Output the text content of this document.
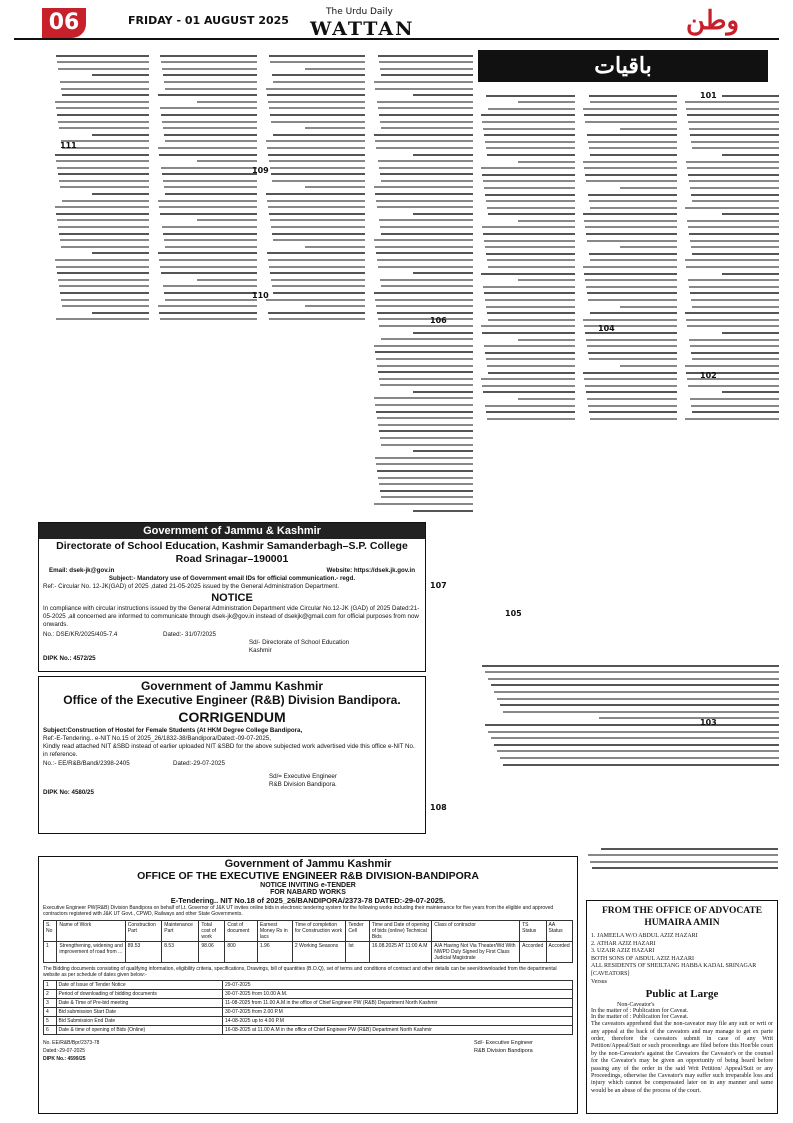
06	FRIDAY - 01 AUGUST 2025
The Urdu Daily
WATTAN	وطن
باقیات
101
102
103
104
105
106
107
108
109
110
111
Government of Jammu & Kashmir
Directorate of School Education, Kashmir Samanderbagh–S.P. College Road Srinagar–190001
Email: dsek-jk@gov.in	Website: https://dsek.jk.gov.in
Subject:- Mandatory use of Government email IDs for official communication.- regd.
Ref:- Circular No. 12-JK(GAD) of 2025 ,dated 21-05-2025 issued by the General Administration Department.
NOTICE
In compliance with circular instructions issued by the General Administration Department vide Circular No.12-JK (GAD) of 2025 Dated:21-05-2025 ,all concerned are informed to communicate through dsek-jk@gov.in instead of dsekjk@gmail.com for official purposes from now onwards.
No.: DSE/KR/2025/405-7.4	Dated:- 31/07/2025
Sd/- Directorate of School Education
Kashmir
DIPK No.: 4572/25
Government of Jammu Kashmir
Office of the Executive Engineer (R&B) Division Bandipora.
CORRIGENDUM
Subject:Construction of Hostel for Female Students (At HKM Degree College Bandipora,
Ref:-E-Tendering.. e-NIT No.15 of 2025_26/1832-38/Bandipora/Dated:-09-07-2025,
Kindly read attached NIT &SBD instead of earlier uploaded NIT &SBD for the above subjected work advertised vide this office e-NIT No. in reference.
No.:- EE/R&B/Bandi/2398-2405	Dated:-29-07-2025
Sd/= Executive Engineer
R&B Division Bandipora.
DIPK No: 4580/25
Government of Jammu Kashmir
OFFICE OF THE EXECUTIVE ENGINEER R&B DIVISION-BANDIPORA
NOTICE INVITING e-TENDER
FOR NABARD WORKS
E-Tendering.. NIT No.18 of 2025_26/BANDIPORA/2373-78 DATED:-29-07-2025.
Executive Engineer PW(R&B) Division Bandipora on behalf of Lt. Governor of J&K UT invites online bids in electronic tendering system for the following works including their maintenance for five years from the eligible and approved contractors registered with J&K UT Govt., CPWD, Railways and other State Governments.
S. No	Name of Work	Construction Part	Maintenance Part	Total cost of work	Cost of document	Earnest Money Rs in lacs	Time of completion for Construction work	Tender Cell	Time and Date of opening of bids (online) Technical Bids	Class of contractor	TS Status	AA Status
1	Strengthening, widening and improvement of road from ...	89.53	8.53	98.06	800	1.96	2 Working Seasons	Ist	16.08.2025 AT 11:00 A.M	A/A Having Not Via Theater/Wd With NWPD Duly Signed by First Class Judicial Magistrate	Accorded	Accorded
The Bidding documents consisting of qualifying information, eligibility criteria, specifications, Drawings, bill of quantities (B.O.Q), set of terms and conditions of contract and other details can be seen/downloaded from the departmental website as per schedule of dates given below:-
1	Date of Issue of Tender Notice	29-07-2025
2	Period of downloading of bidding documents	30-07-2025 from 10.00 A.M.
3	Date & Time of Pre-bid meeting	11-08-2025 from 11.00 A.M in the office of Chief Engineer PW (R&B) Department North Kashmir
4	Bid submission Start Date	30-07-2025 from 2.00 P.M
5	Bid Submission End Date	14-08-2025 up to 4.00 P.M
6	Date & time of opening of Bids (Online)	16-08-2025 at 11.00 A.M in the office of Chief Engineer PW (R&B) Department North Kashmir
No. EE/R&B/Bpr/2373-78
Dated:-29-07-2025
DIPK No.: 4599/25
Sd/- Executive Engineer
R&B Division Bandipora
FROM THE OFFICE OF ADVOCATE HUMAIRA AMIN
1. JAMEELA W/O ABDUL AZIZ HAZARI
2. ATHAR AZIZ HAZARI
3. UZAIR AZIZ HAZARI
BOTH SONS OF ABDUL AZIZ HAZARI
ALL RESIDENTS OF SHEILTANG HABBA KADAL SRINAGAR
[CAVEATORS]
Versus
Public at Large
Non-Caveator's
In the matter of : Publication for Caveat.
In the matter of : Publication for Caveat.
The caveators apprehend that the non-caveator may file any suit or writ or any appeal at the back of the caveators and may manage to get ex parte order, therefore the caveators submit in case of any Writ Petition/Appeal/Suit or such proceedings are filed before this Hon'ble court by the non-Caveator's against the Caveators the Caveator's or the counsel for the Caveator's may be given an opportunity of being heard before passing any of the order in the said Writ Petition/ Appeal/Suit or any Proceedings, otherwise the Caveator's may suffer such irreparable loss and injury which cannot be compensated later on in any manner and same would be an abuse of the process of the court.
